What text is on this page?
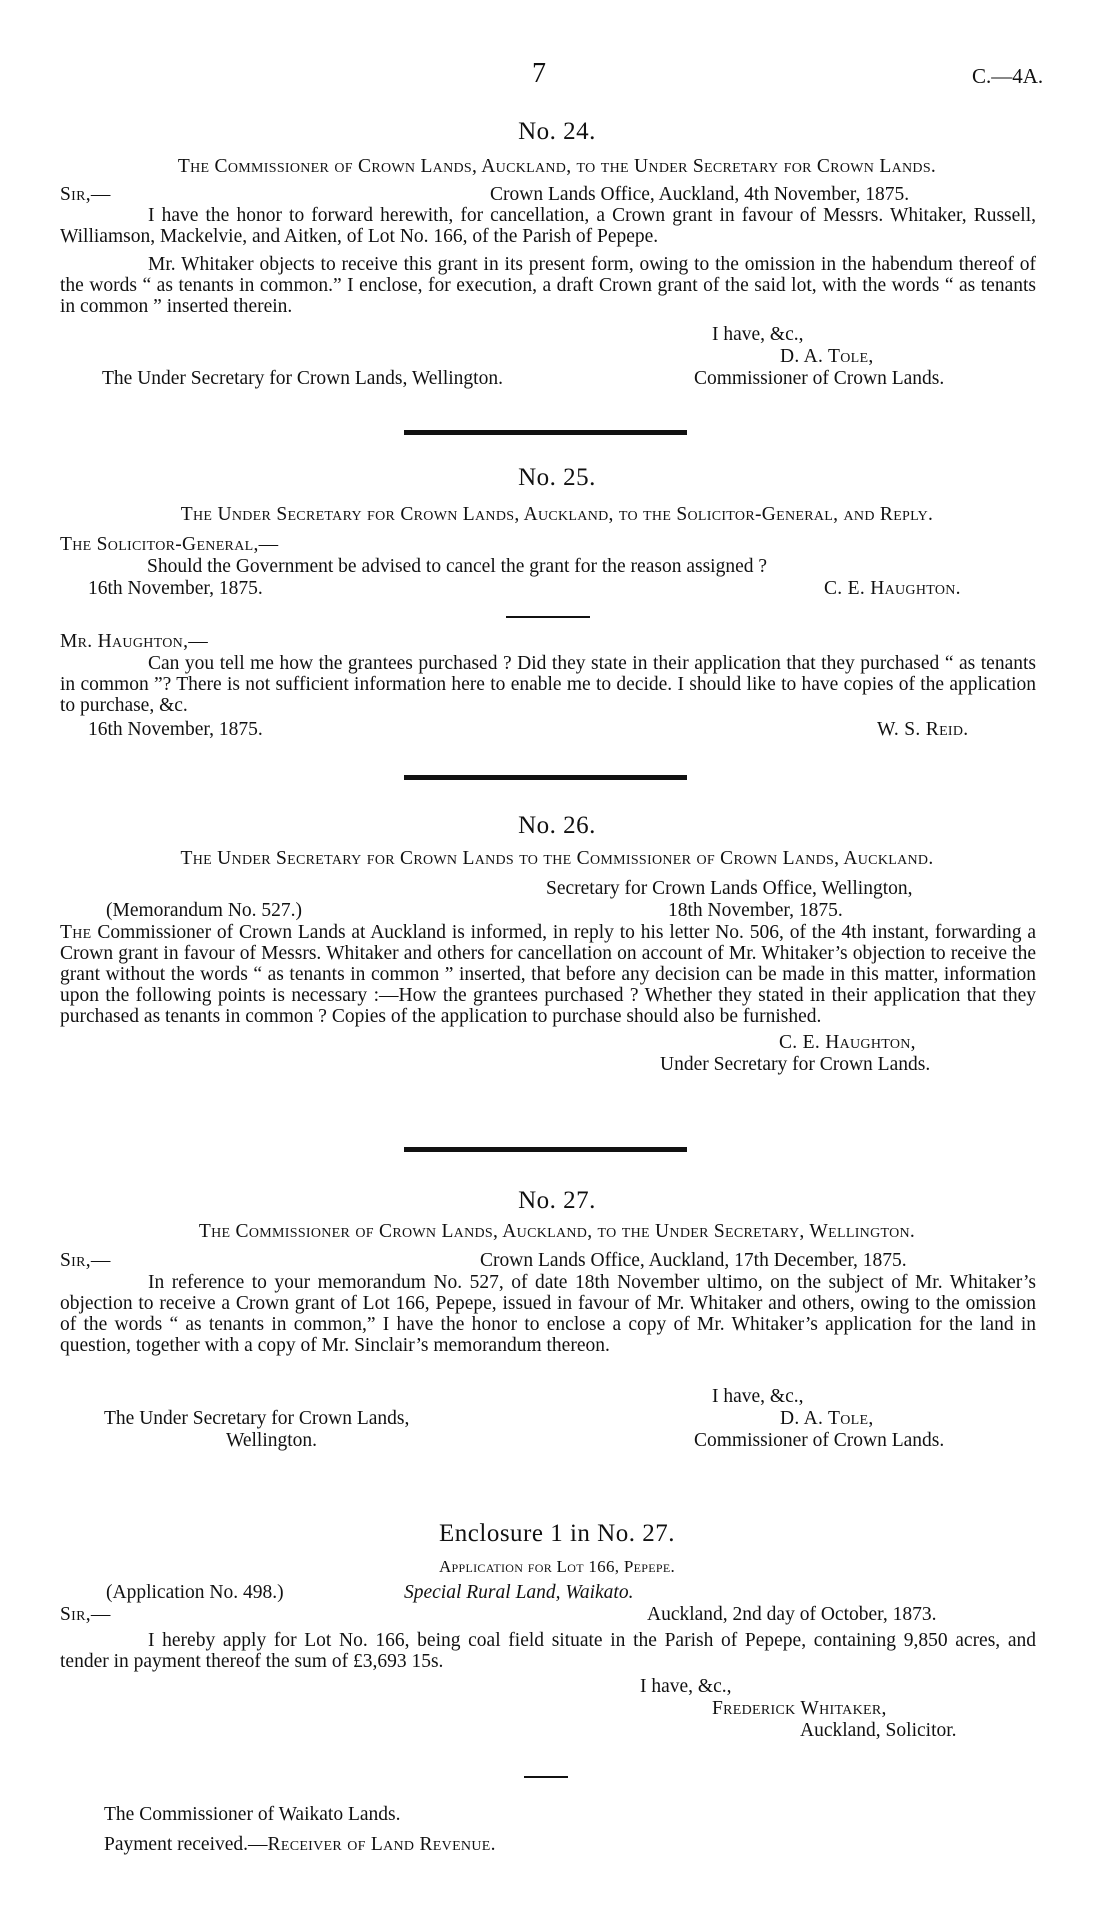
7	C.—4A.
No. 24.
The Commissioner of Crown Lands, Auckland, to the Under Secretary for Crown Lands.
Sir,—	Crown Lands Office, Auckland, 4th November, 1875.
I have the honor to forward herewith, for cancellation, a Crown grant in favour of Messrs. Whitaker, Russell, Williamson, Mackelvie, and Aitken, of Lot No. 166, of the Parish of Pepepe.
Mr. Whitaker objects to receive this grant in its present form, owing to the omission in the habendum thereof of the words “ as tenants in common.” I enclose, for execution, a draft Crown grant of the said lot, with the words “ as tenants in common ” inserted therein.
I have, &c.,
D. A. Tole,
The Under Secretary for Crown Lands, Wellington.	Commissioner of Crown Lands.
No. 25.
The Under Secretary for Crown Lands, Auckland, to the Solicitor-General, and Reply.
The Solicitor-General,—
Should the Government be advised to cancel the grant for the reason assigned ?
16th November, 1875.	C. E. Haughton.
Mr. Haughton,—
Can you tell me how the grantees purchased ? Did they state in their application that they purchased “ as tenants in common ”? There is not sufficient information here to enable me to decide. I should like to have copies of the application to purchase, &c.
16th November, 1875.	W. S. Reid.
No. 26.
The Under Secretary for Crown Lands to the Commissioner of Crown Lands, Auckland.
Secretary for Crown Lands Office, Wellington,
(Memorandum No. 527.)	18th November, 1875.
The Commissioner of Crown Lands at Auckland is informed, in reply to his letter No. 506, of the 4th instant, forwarding a Crown grant in favour of Messrs. Whitaker and others for cancellation on account of Mr. Whitaker’s objection to receive the grant without the words “ as tenants in common ” inserted, that before any decision can be made in this matter, information upon the following points is necessary :—How the grantees purchased ? Whether they stated in their application that they purchased as tenants in common ? Copies of the application to purchase should also be furnished.
C. E. Haughton,
Under Secretary for Crown Lands.
No. 27.
The Commissioner of Crown Lands, Auckland, to the Under Secretary, Wellington.
Sir,—	Crown Lands Office, Auckland, 17th December, 1875.
In reference to your memorandum No. 527, of date 18th November ultimo, on the subject of Mr. Whitaker’s objection to receive a Crown grant of Lot 166, Pepepe, issued in favour of Mr. Whitaker and others, owing to the omission of the words “ as tenants in common,” I have the honor to enclose a copy of Mr. Whitaker’s application for the land in question, together with a copy of Mr. Sinclair’s memorandum thereon.
I have, &c.,
The Under Secretary for Crown Lands,	D. A. Tole,
Wellington.	Commissioner of Crown Lands.
Enclosure 1 in No. 27.
Application for Lot 166, Pepepe.
(Application No. 498.)	Special Rural Land, Waikato.
Sir,—	Auckland, 2nd day of October, 1873.
I hereby apply for Lot No. 166, being coal field situate in the Parish of Pepepe, containing 9,850 acres, and tender in payment thereof the sum of £3,693 15s.
I have, &c.,
Frederick Whitaker,
Auckland, Solicitor.
The Commissioner of Waikato Lands.
Payment received.—Receiver of Land Revenue.
